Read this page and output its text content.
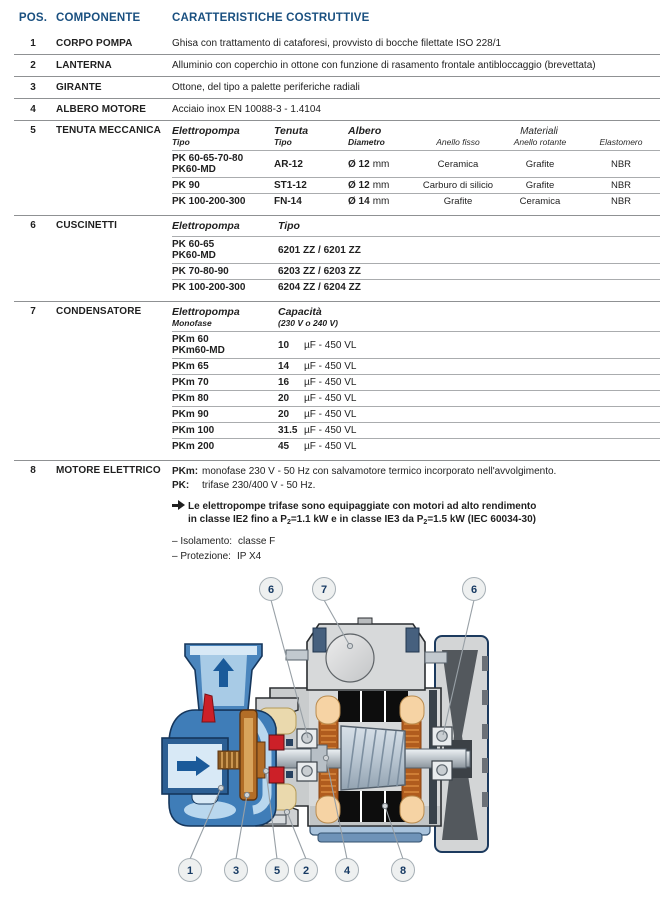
POS. COMPONENTE	CARATTERISTICHE COSTRUTTIVE
1	CORPO POMPA	Ghisa con trattamento di cataforesi, provvisto di bocche filettate ISO 228/1
2	LANTERNA	Alluminio con coperchio in ottone con funzione di rasamento frontale antibloccaggio (brevettata)
3	GIRANTE	Ottone, del tipo a palette periferiche radiali
4	ALBERO MOTORE	Acciaio inox EN 10088-3 - 1.4104
5	TENUTA MECCANICA	Elettropompa	Tenuta	Albero	Materiali
Tipo	Tipo	Diametro	Anello fisso	Anello rotante	Elastomero
PK 60-65-70-80
PK60-MD	AR-12	Ø 12 mm	Ceramica	Grafite	NBR
PK 90	ST1-12	Ø 12 mm	Carburo di silicio	Grafite	NBR
PK 100-200-300	FN-14	Ø 14 mm	Grafite	Ceramica	NBR
6	CUSCINETTI	Elettropompa	Tipo
PK 60-65
PK60-MD	6201 ZZ / 6201 ZZ
PK 70-80-90	6203 ZZ / 6203 ZZ
PK 100-200-300	6204 ZZ / 6204 ZZ
7	CONDENSATORE	Elettropompa	Capacità
Monofase	(230 V o 240 V)
PKm 60
PKm60-MD	10 µF - 450 VL
PKm 65	14 µF - 450 VL
PKm 70	16 µF - 450 VL
PKm 80	20 µF - 450 VL
PKm 90	20 µF - 450 VL
PKm 100	31.5 µF - 450 VL
PKm 200	45 µF - 450 VL
8	MOTORE ELETTRICO	PKm: monofase 230 V - 50 Hz con salvamotore termico incorporato nell'avvolgimento.

PK: trifase 230/400 V - 50 Hz.

Le elettropompe trifase sono equipaggiate con motori ad alto rendimento
in classe IE2 fino a $P_2=1.1$ kW e in classe IE3 da $P_2=1.5$ kW (IEC 60034-30)

– Isolamento: classe F

– Protezione: IP X4

6	7	6
1	3	5 2	4	8
